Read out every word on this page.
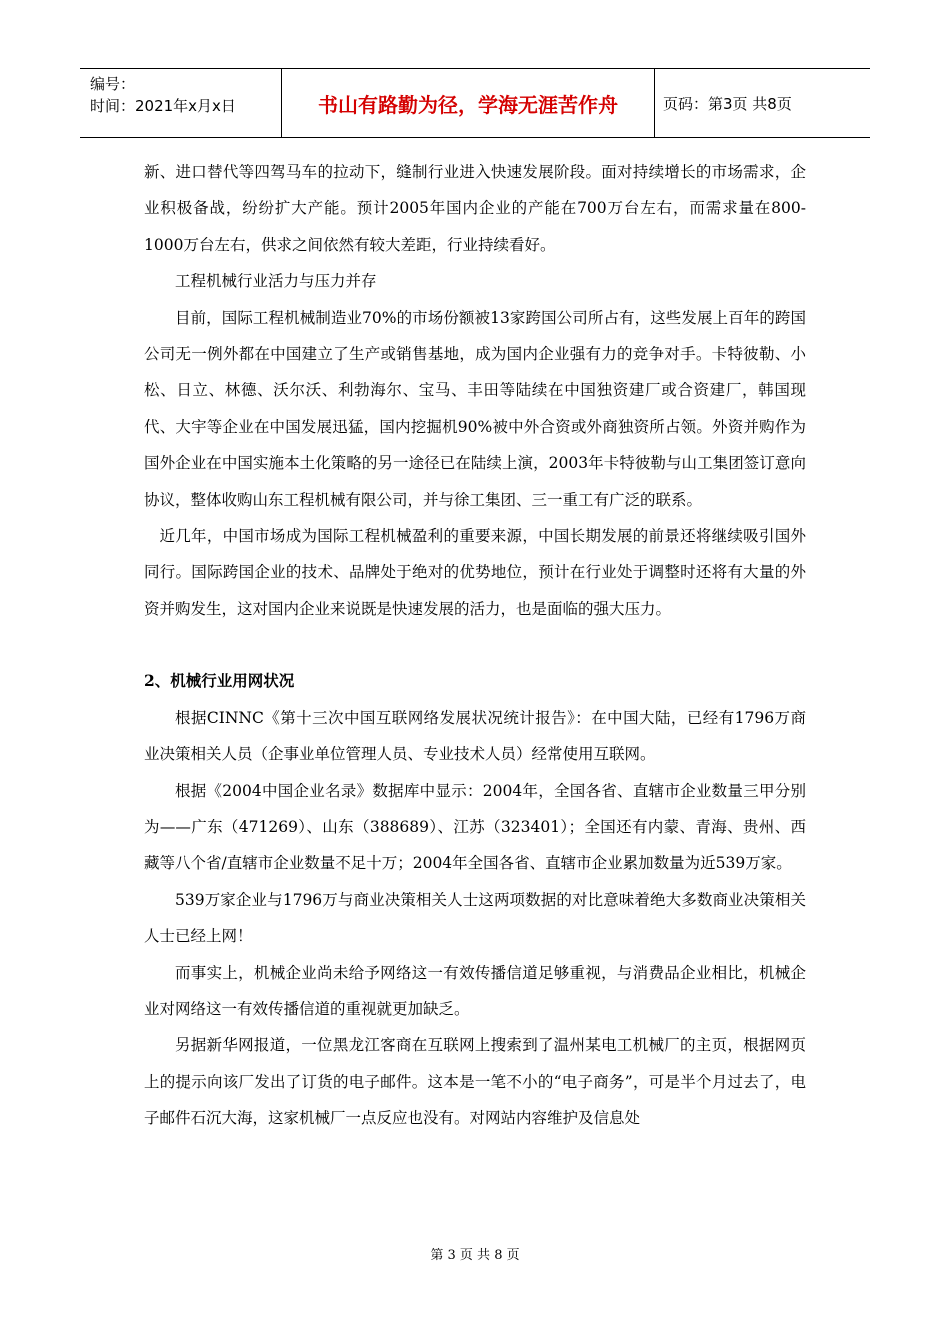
编号：
时间：2021年x月x日	书山有路勤为径，学海无涯苦作舟	页码：第3页 共8页

新、进口替代等四驾马车的拉动下，缝制行业进入快速发展阶段。面对持续增长的市场需求，企业积极备战，纷纷扩大产能。预计2005年国内企业的产能在700万台左右，而需求量在800-1000万台左右，供求之间依然有较大差距，行业持续看好。

工程机械行业活力与压力并存

目前，国际工程机械制造业70%的市场份额被13家跨国公司所占有，这些发展上百年的跨国公司无一例外都在中国建立了生产或销售基地，成为国内企业强有力的竞争对手。卡特彼勒、小松、日立、林德、沃尔沃、利勃海尔、宝马、丰田等陆续在中国独资建厂或合资建厂，韩国现代、大宇等企业在中国发展迅猛，国内挖掘机90%被中外合资或外商独资所占领。外资并购作为国外企业在中国实施本土化策略的另一途径已在陆续上演，2003年卡特彼勒与山工集团签订意向协议，整体收购山东工程机械有限公司，并与徐工集团、三一重工有广泛的联系。

近几年，中国市场成为国际工程机械盈利的重要来源，中国长期发展的前景还将继续吸引国外同行。国际跨国企业的技术、品牌处于绝对的优势地位，预计在行业处于调整时还将有大量的外资并购发生，这对国内企业来说既是快速发展的活力，也是面临的强大压力。

2、机械行业用网状况

根据CINNC《第十三次中国互联网络发展状况统计报告》：在中国大陆，已经有1796万商业决策相关人员（企事业单位管理人员、专业技术人员）经常使用互联网。

根据《2004中国企业名录》数据库中显示：2004年，全国各省、直辖市企业数量三甲分别为——广东（471269）、山东（388689）、江苏（323401）；全国还有内蒙、青海、贵州、西藏等八个省/直辖市企业数量不足十万；2004年全国各省、直辖市企业累加数量为近539万家。

539万家企业与1796万与商业决策相关人士这两项数据的对比意味着绝大多数商业决策相关人士已经上网！

而事实上，机械企业尚未给予网络这一有效传播信道足够重视，与消费品企业相比，机械企业对网络这一有效传播信道的重视就更加缺乏。

另据新华网报道，一位黑龙江客商在互联网上搜索到了温州某电工机械厂的主页，根据网页上的提示向该厂发出了订货的电子邮件。这本是一笔不小的“电子商务”，可是半个月过去了，电子邮件石沉大海，这家机械厂一点反应也没有。对网站内容维护及信息处

第 3 页 共 8 页
